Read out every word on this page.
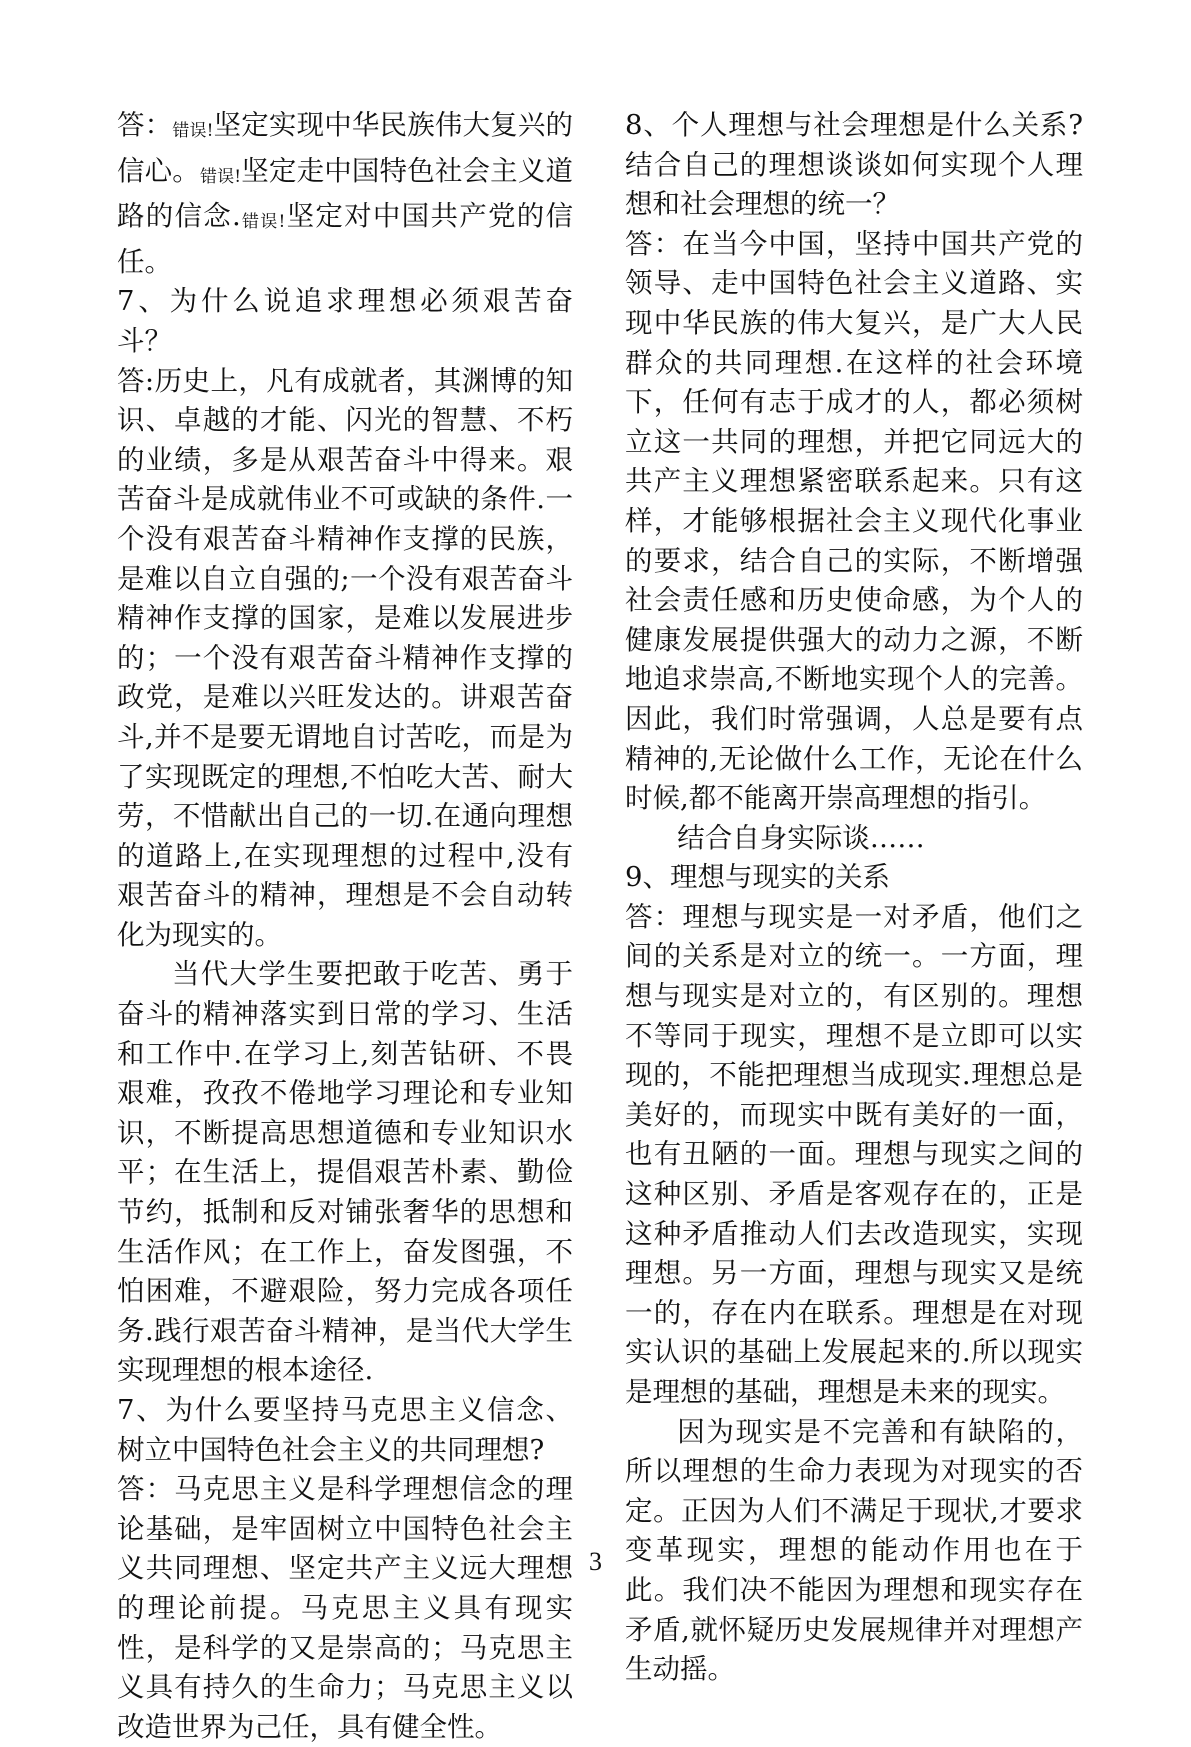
答：错误!坚定实现中华民族伟大复兴的信心。错误!坚定走中国特色社会主义道路的信念.错误!坚定对中国共产党的信任。

7、为什么说追求理想必须艰苦奋斗？

答:历史上，凡有成就者，其渊博的知识、卓越的才能、闪光的智慧、不朽的业绩，多是从艰苦奋斗中得来。艰苦奋斗是成就伟业不可或缺的条件.一个没有艰苦奋斗精神作支撑的民族，是难以自立自强的;一个没有艰苦奋斗精神作支撑的国家，是难以发展进步的；一个没有艰苦奋斗精神作支撑的政党，是难以兴旺发达的。讲艰苦奋斗,并不是要无谓地自讨苦吃，而是为了实现既定的理想,不怕吃大苦、耐大劳，不惜献出自己的一切.在通向理想的道路上,在实现理想的过程中,没有艰苦奋斗的精神，理想是不会自动转化为现实的。

当代大学生要把敢于吃苦、勇于奋斗的精神落实到日常的学习、生活和工作中.在学习上,刻苦钻研、不畏艰难，孜孜不倦地学习理论和专业知识，不断提高思想道德和专业知识水平；在生活上，提倡艰苦朴素、勤俭节约，抵制和反对铺张奢华的思想和生活作风；在工作上，奋发图强，不怕困难，不避艰险，努力完成各项任务.践行艰苦奋斗精神，是当代大学生实现理想的根本途径.

7、为什么要坚持马克思主义信念、树立中国特色社会主义的共同理想?

答：马克思主义是科学理想信念的理论基础，是牢固树立中国特色社会主义共同理想、坚定共产主义远大理想的理论前提。马克思主义具有现实性，是科学的又是崇高的；马克思主义具有持久的生命力；马克思主义以改造世界为己任，具有健全性。

8、个人理想与社会理想是什么关系?结合自己的理想谈谈如何实现个人理想和社会理想的统一？

答：在当今中国，坚持中国共产党的领导、走中国特色社会主义道路、实现中华民族的伟大复兴，是广大人民群众的共同理想.在这样的社会环境下，任何有志于成才的人，都必须树立这一共同的理想，并把它同远大的共产主义理想紧密联系起来。只有这样，才能够根据社会主义现代化事业的要求，结合自己的实际，不断增强社会责任感和历史使命感，为个人的健康发展提供强大的动力之源，不断地追求崇高,不断地实现个人的完善。因此，我们时常强调，人总是要有点精神的,无论做什么工作，无论在什么时候,都不能离开崇高理想的指引。

结合自身实际谈……

9、理想与现实的关系

答：理想与现实是一对矛盾，他们之间的关系是对立的统一。一方面，理想与现实是对立的，有区别的。理想不等同于现实，理想不是立即可以实现的，不能把理想当成现实.理想总是美好的，而现实中既有美好的一面，也有丑陋的一面。理想与现实之间的这种区别、矛盾是客观存在的，正是这种矛盾推动人们去改造现实，实现理想。另一方面，理想与现实又是统一的，存在内在联系。理想是在对现实认识的基础上发展起来的.所以现实是理想的基础，理想是未来的现实。

因为现实是不完善和有缺陷的，所以理想的生命力表现为对现实的否定。正因为人们不满足于现状,才要求变革现实，理想的能动作用也在于此。我们决不能因为理想和现实存在矛盾,就怀疑历史发展规律并对理想产生动摇。

3
